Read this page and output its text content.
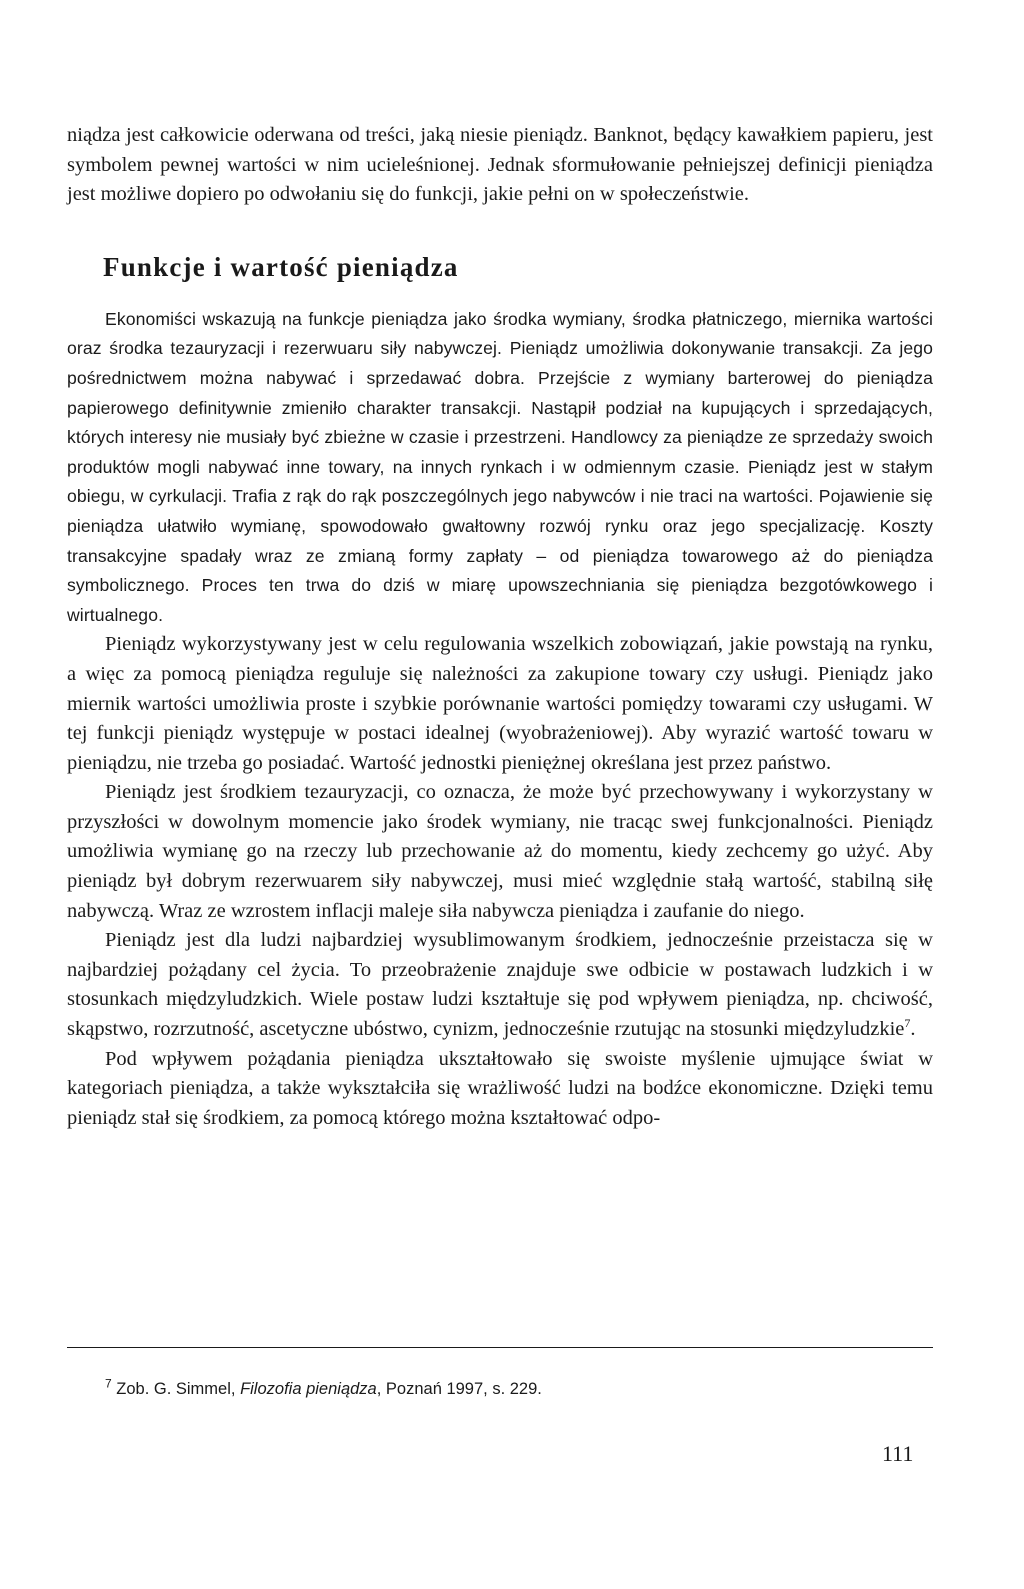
niądza jest całkowicie oderwana od treści, jaką niesie pieniądz. Banknot, będący kawałkiem papieru, jest symbolem pewnej wartości w nim ucieleśnionej. Jednak sformułowanie pełniejszej definicji pieniądza jest możliwe dopiero po odwołaniu się do funkcji, jakie pełni on w społeczeństwie.

Funkcje i wartość pieniądza

Ekonomiści wskazują na funkcje pieniądza jako środka wymiany, środka płatniczego, miernika wartości oraz środka tezauryzacji i rezerwuaru siły nabywczej. Pieniądz umożliwia dokonywanie transakcji. Za jego pośrednictwem można nabywać i sprzedawać dobra. Przejście z wymiany barterowej do pieniądza papierowego definitywnie zmieniło charakter transakcji. Nastąpił podział na kupujących i sprzedających, których interesy nie musiały być zbieżne w czasie i przestrzeni. Handlowcy za pieniądze ze sprzedaży swoich produktów mogli nabywać inne towary, na innych rynkach i w odmiennym czasie. Pieniądz jest w stałym obiegu, w cyrkulacji. Trafia z rąk do rąk poszczególnych jego nabywców i nie traci na wartości. Pojawienie się pieniądza ułatwiło wymianę, spowodowało gwałtowny rozwój rynku oraz jego specjalizację. Koszty transakcyjne spadały wraz ze zmianą formy zapłaty – od pieniądza towarowego aż do pieniądza symbolicznego. Proces ten trwa do dziś w miarę upowszechniania się pieniądza bezgotówkowego i wirtualnego.

Pieniądz wykorzystywany jest w celu regulowania wszelkich zobowiązań, jakie powstają na rynku, a więc za pomocą pieniądza reguluje się należności za zakupione towary czy usługi. Pieniądz jako miernik wartości umożliwia proste i szybkie porównanie wartości pomiędzy towarami czy usługami. W tej funkcji pieniądz występuje w postaci idealnej (wyobrażeniowej). Aby wyrazić wartość towaru w pieniądzu, nie trzeba go posiadać. Wartość jednostki pieniężnej określana jest przez państwo.

Pieniądz jest środkiem tezauryzacji, co oznacza, że może być przechowywany i wykorzystany w przyszłości w dowolnym momencie jako środek wymiany, nie tracąc swej funkcjonalności. Pieniądz umożliwia wymianę go na rzeczy lub przechowanie aż do momentu, kiedy zechcemy go użyć. Aby pieniądz był dobrym rezerwuarem siły nabywczej, musi mieć względnie stałą wartość, stabilną siłę nabywczą. Wraz ze wzrostem inflacji maleje siła nabywcza pieniądza i zaufanie do niego.

Pieniądz jest dla ludzi najbardziej wysublimowanym środkiem, jednocześnie przeistacza się w najbardziej pożądany cel życia. To przeobrażenie znajduje swe odbicie w postawach ludzkich i w stosunkach międzyludzkich. Wiele postaw ludzi kształtuje się pod wpływem pieniądza, np. chciwość, skąpstwo, rozrzutność, ascetyczne ubóstwo, cynizm, jednocześnie rzutując na stosunki międzyludzkie$^7$.

Pod wpływem pożądania pieniądza ukształtowało się swoiste myślenie ujmujące świat w kategoriach pieniądza, a także wykształciła się wrażliwość ludzi na bodźce ekonomiczne. Dzięki temu pieniądz stał się środkiem, za pomocą którego można kształtować odpo-

$^7$ Zob. G. Simmel, Filozofia pieniądza, Poznań 1997, s. 229.
111
